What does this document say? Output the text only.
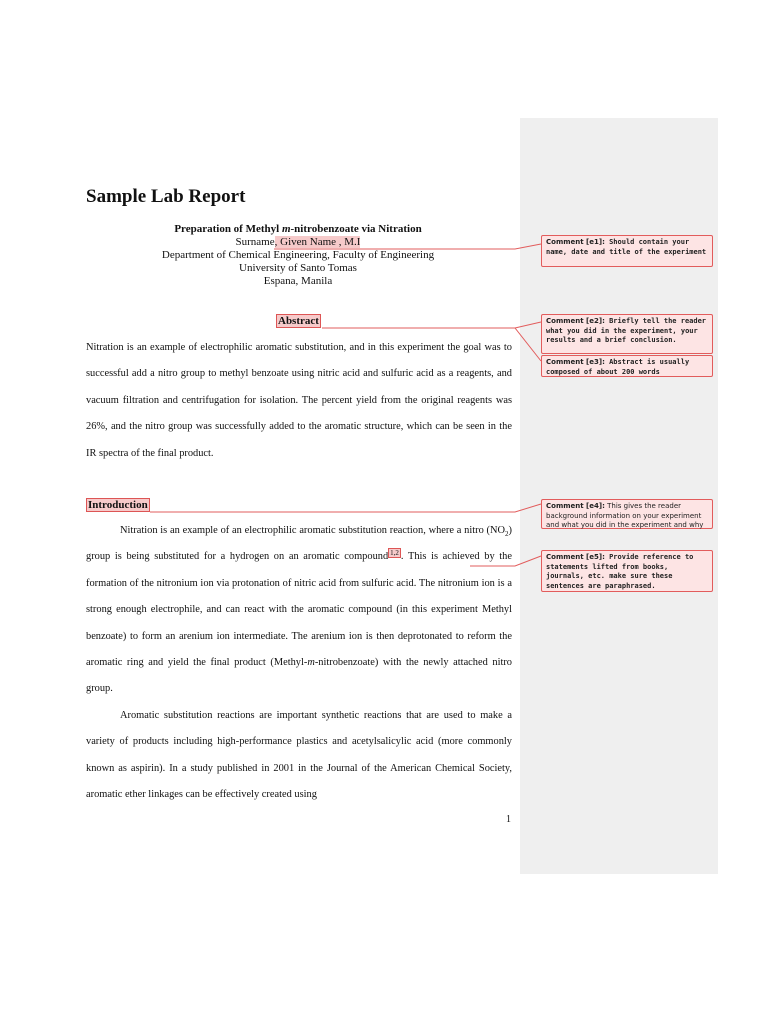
Sample Lab Report
Preparation of Methyl m-nitrobenzoate via Nitration
Surname, Given Name , M.I
Department of Chemical Engineering, Faculty of Engineering
University of Santo Tomas
Espana, Manila
Abstract

Nitration is an example of electrophilic aromatic substitution, and in this experiment the goal was to successful add a nitro group to methyl benzoate using nitric acid and sulfuric acid as a reagents, and vacuum filtration and centrifugation for isolation. The percent yield from the original reagents was 26%, and the nitro group was successfully added to the aromatic structure, which can be seen in the IR spectra of the final product.

Introduction

Nitration is an example of an electrophilic aromatic substitution reaction, where a nitro $(NO_2)$ group is being substituted for a hydrogen on an aromatic compound $^{1,2}$ . This is achieved by the formation of the nitronium ion via protonation of nitric acid from sulfuric acid. The nitronium ion is a strong enough electrophile, and can react with the aromatic compound (in this experiment Methyl benzoate) to form an arenium ion intermediate. The arenium ion is then deprotonated to reform the aromatic ring and yield the final product (Methyl-m-nitrobenzoate) with the newly attached nitro group.

Aromatic substitution reactions are important synthetic reactions that are used to make a variety of products including high-performance plastics and acetylsalicylic acid (more commonly known as aspirin). In a study published in 2001 in the Journal of the American Chemical Society, aromatic ether linkages can be effectively created using

1
Comment [e1]: Should contain your name, date and title of the experiment
Comment [e2]: Briefly tell the reader what you did in the experiment, your results and a brief conclusion.
Comment [e3]: Abstract is usually composed of about 200 words
Comment [e4]: This gives the reader background information on your experiment and what you did in the experiment and why
Comment [e5]: Provide reference to statements lifted from books, journals, etc. make sure these sentences are paraphrased.
